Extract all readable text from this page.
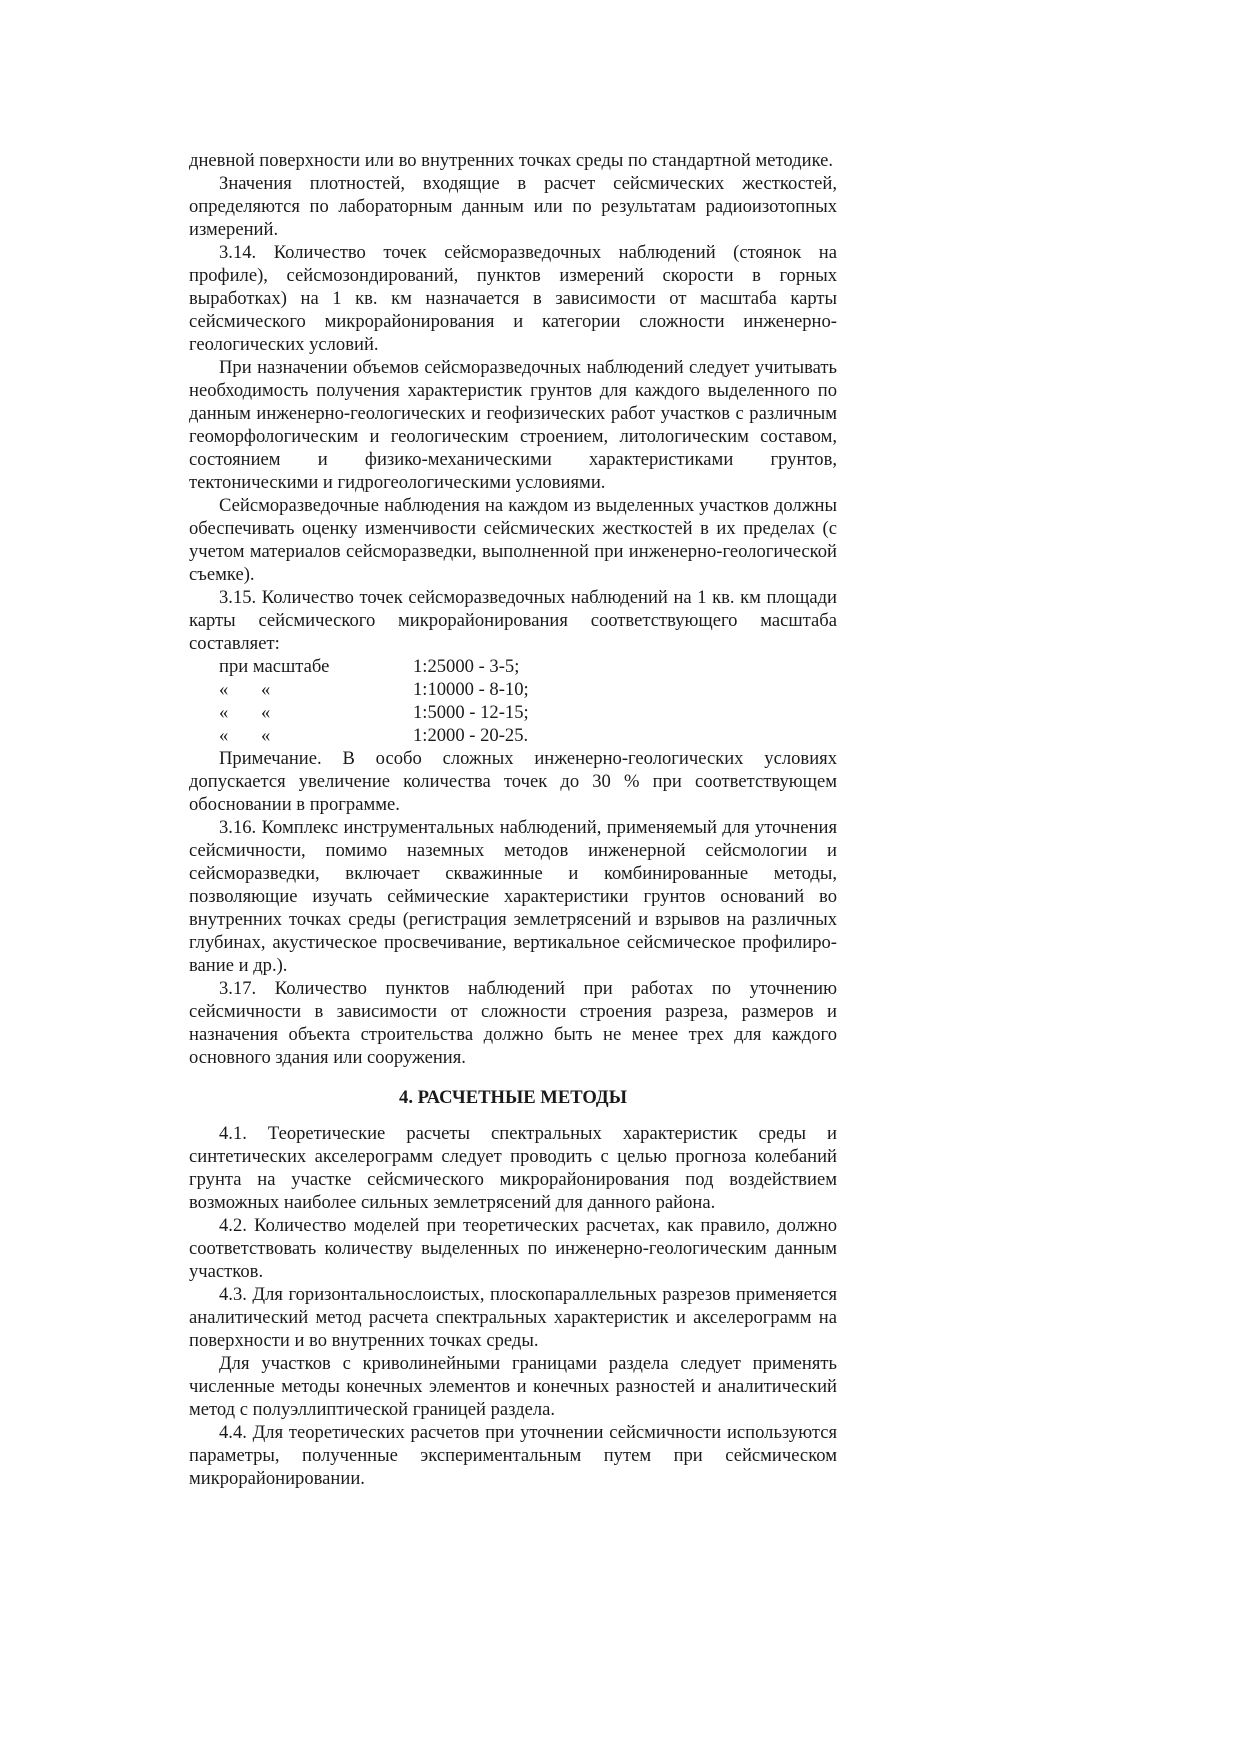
дневной поверхности или во внутренних точках среды по стандартной методике.

Значения плотностей, входящие в расчет сейсмических жесткостей, определяются по лабораторным данным или по результатам радиоизотопных измерений.

3.14. Количество точек сейсморазведочных наблюдений (стоянок на профиле), сейсмозондирований, пунктов измерений скорости в горных выработках) на 1 кв. км назначается в зависимости от масштаба карты сейсмического микрорайонирования и категории сложности инженерно-геологических условий.

При назначении объемов сейсморазведочных наблюдений следует учитывать необходимость получения характеристик грунтов для каждого выделенного по данным инженерно-геологических и геофизических работ участков с различным геоморфологическим и геологическим строением, литологическим составом, состоянием и физико-механическими характеристиками грунтов, тектоническими и гидрогеологическими условиями.

Сейсморазведочные наблюдения на каждом из выделенных участков должны обеспечивать оценку изменчивости сейсмических жесткостей в их пределах (с учетом материалов сейсморазведки, выполненной при инженерно-геологической съемке).

3.15. Количество точек сейсморазведочных наблюдений на 1 кв. км площади карты сейсмического микрорайонирования соответствующего масштаба составляет:

при масштабе	1:25000 - 3-5;
«	«	1:10000 - 8-10;
«	«	1:5000 - 12-15;
«	«	1:2000 - 20-25.

Примечание. В особо сложных инженерно-геологических условиях допускается увеличение количества точек до 30 % при соответствующем обосновании в программе.

3.16. Комплекс инструментальных наблюдений, применяемый для уточнения сейсмичности, помимо наземных методов инженерной сейсмологии и сейсморазведки, включает скважинные и комбинированные методы, позволяющие изучать сеймические характеристики грунтов оснований во внутренних точках среды (регистрация землетрясений и взрывов на различных глубинах, акустическое просвечивание, вертикальное сейсмическое профилиро-вание и др.).

3.17. Количество пунктов наблюдений при работах по уточнению сейсмичности в зависимости от сложности строения разреза, размеров и назначения объекта строительства должно быть не менее трех для каждого основного здания или сооружения.

4. РАСЧЕТНЫЕ МЕТОДЫ

4.1. Теоретические расчеты спектральных характеристик среды и синтетических акселерограмм следует проводить с целью прогноза колебаний грунта на участке сейсмического микрорайонирования под воздействием возможных наиболее сильных землетрясений для данного района.

4.2. Количество моделей при теоретических расчетах, как правило, должно соответствовать количеству выделенных по инженерно-геологическим данным участков.

4.3. Для горизонтальнослоистых, плоскопараллельных разрезов применяется аналитический метод расчета спектральных характеристик и акселерограмм на поверхности и во внутренних точках среды.

Для участков с криволинейными границами раздела следует применять численные методы конечных элементов и конечных разностей и аналитический метод с полуэллиптической границей раздела.

4.4. Для теоретических расчетов при уточнении сейсмичности используются параметры, полученные экспериментальным путем при сейсмическом микрорайонировании.
